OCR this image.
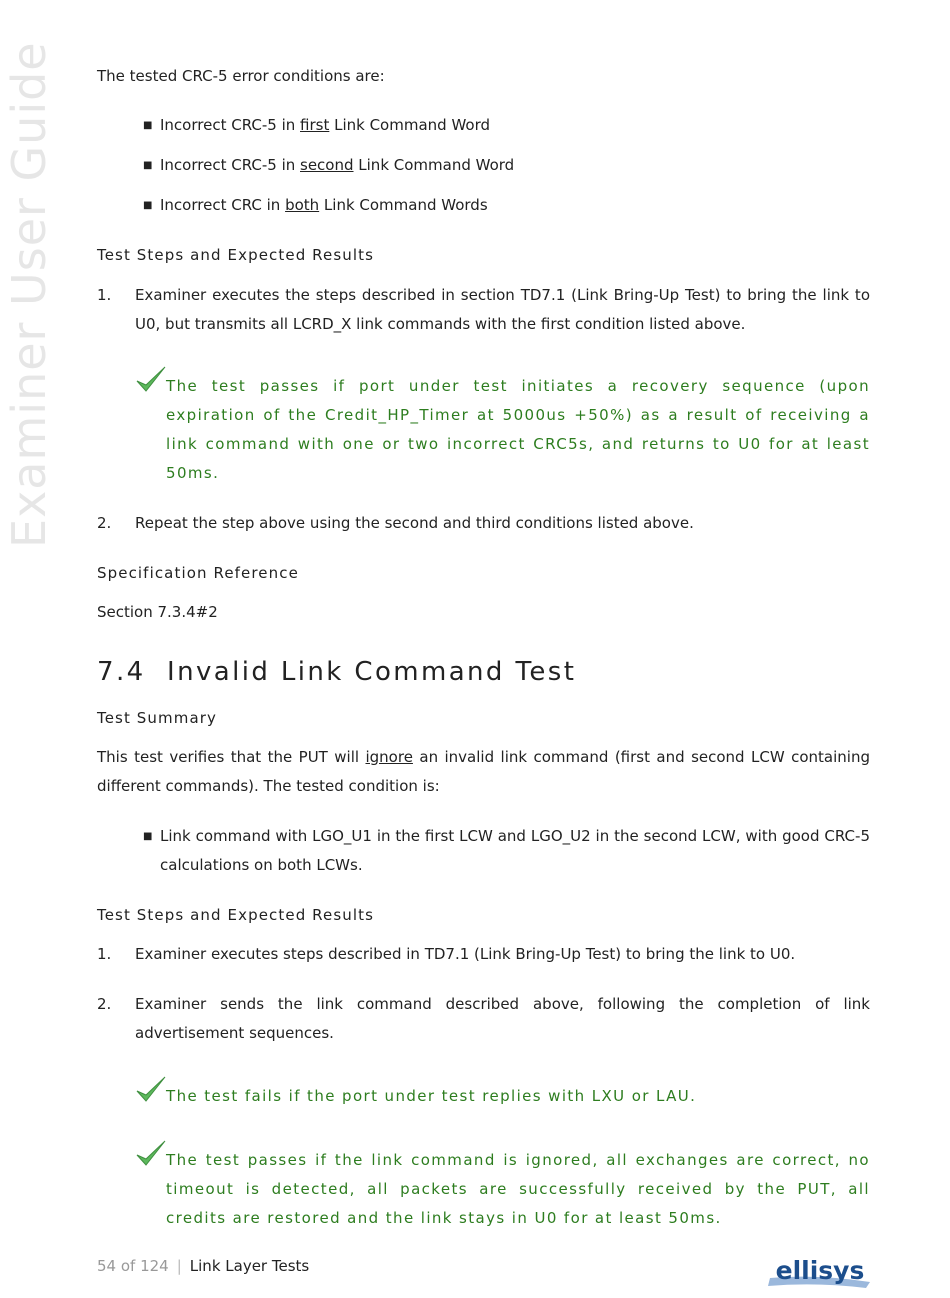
Examiner User Guide	The tested CRC-5 error conditions are:

■ Incorrect CRC-5 in first Link Command Word
■ Incorrect CRC-5 in second Link Command Word
■ Incorrect CRC in both Link Command Words

Test Steps and Expected Results

1.	Examiner executes the steps described in section TD7.1 (Link Bring-Up Test) to bring the link to U0, but transmits all LCRD_X link commands with the first condition listed above.
The test passes if port under test initiates a recovery sequence (upon expiration of the Credit_HP_Timer at 5000us +50%) as a result of receiving a link command with one or two incorrect CRC5s, and returns to U0 for at least 50ms.
2.	Repeat the step above using the second and third conditions listed above.

Specification Reference

Section 7.3.4#2

7.4 Invalid Link Command Test

Test Summary

This test verifies that the PUT will ignore an invalid link command (first and second LCW containing different commands). The tested condition is:

■ Link command with LGO_U1 in the first LCW and LGO_U2 in the second LCW, with good CRC-5 calculations on both LCWs.

Test Steps and Expected Results

1.	Examiner executes steps described in TD7.1 (Link Bring-Up Test) to bring the link to U0.
2.	Examiner sends the link command described above, following the completion of link advertisement sequences.
The test fails if the port under test replies with LXU or LAU.
The test passes if the link command is ignored, all exchanges are correct, no timeout is detected, all packets are successfully received by the PUT, all credits are restored and the link stays in U0 for at least 50ms.
54 of 124 | Link Layer Tests	ellisys
